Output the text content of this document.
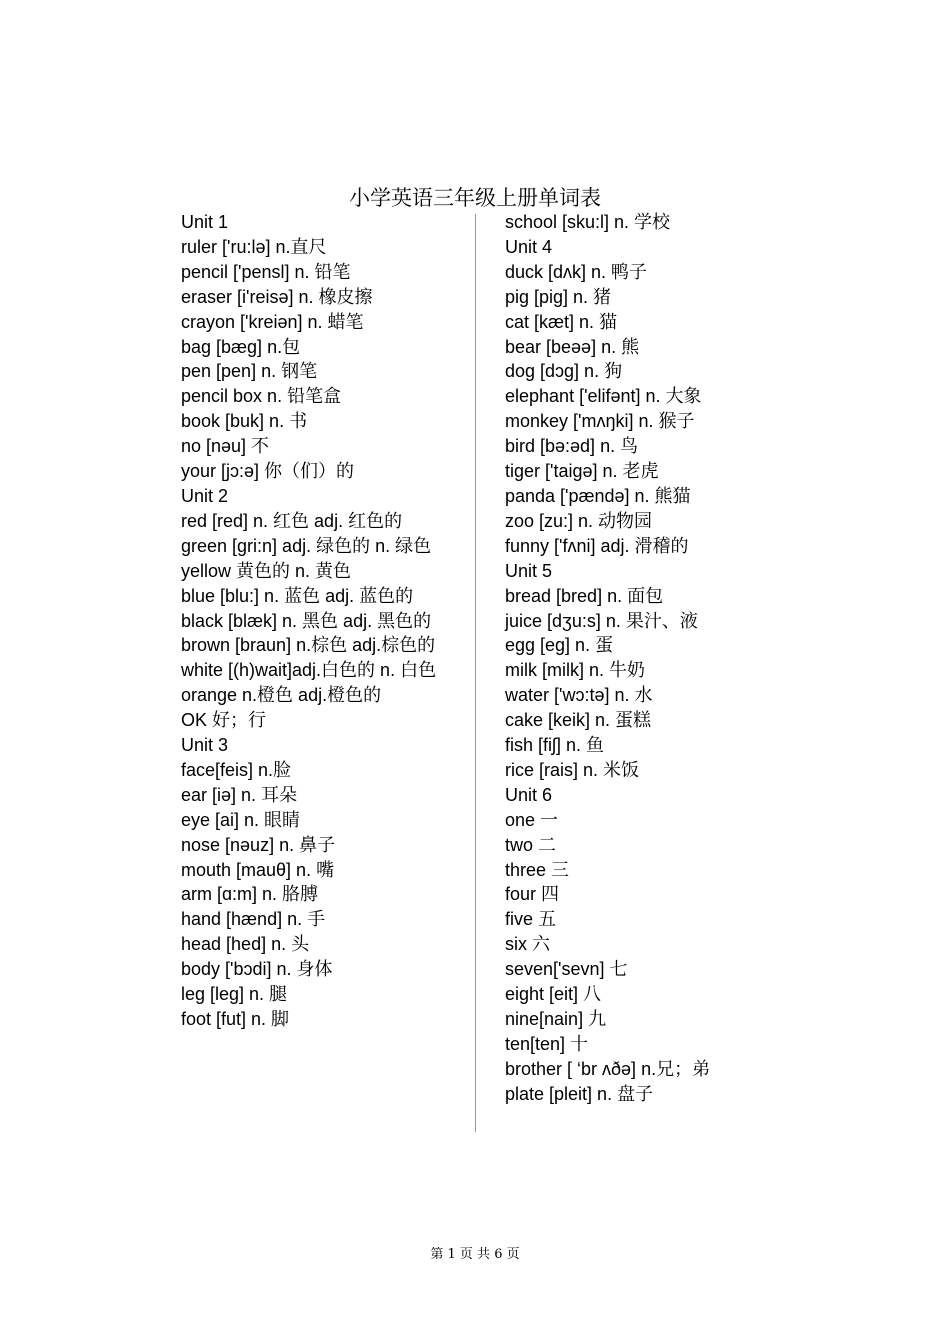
小学英语三年级上册单词表
Unit 1
ruler ['ru:lə] n.直尺
pencil ['pensl] n. 铅笔
eraser [i'reisə] n. 橡皮擦
crayon ['kreiən] n. 蜡笔
bag [bæg] n.包
pen [pen] n. 钢笔
pencil box n. 铅笔盒
book [buk] n. 书
no [nəu] 不
your [jɔ:ə] 你（们）的
Unit 2
red [red] n. 红色 adj. 红色的
green [ɡri:n] adj. 绿色的 n. 绿色
yellow 黄色的 n. 黄色
blue [blu:] n. 蓝色 adj. 蓝色的
black [blæk] n. 黑色 adj. 黑色的
brown [braun] n.棕色 adj.棕色的
white [(h)wait]adj.白色的 n. 白色
orange n.橙色 adj.橙色的
OK 好；行
Unit 3
face[feis] n.脸
ear [iə] n. 耳朵
eye [ai] n. 眼睛
nose [nəuz] n. 鼻子
mouth [mauθ] n. 嘴
arm [ɑ:m] n. 胳膊
hand [hænd] n. 手
head [hed] n. 头
body ['bɔdi] n. 身体
leg [leg] n. 腿
foot [fut] n. 脚
school [sku:l] n. 学校
Unit 4
duck [dʌk] n. 鸭子
pig [piɡ] n. 猪
cat [kæt] n. 猫
bear [beəə] n. 熊
dog [dɔg] n. 狗
elephant ['elifənt] n. 大象
monkey ['mʌŋki] n. 猴子
bird [bə:əd] n. 鸟
tiger ['taigə] n. 老虎
panda ['pændə] n. 熊猫
zoo [zu:] n. 动物园
funny ['fʌni] adj. 滑稽的
Unit 5
bread [bred] n. 面包
juice [dʒu:s] n. 果汁、液
egg [eg] n. 蛋
milk [milk] n. 牛奶
water ['wɔ:tə] n. 水
cake [keik] n. 蛋糕
fish [fiʃ] n. 鱼
rice [rais] n. 米饭
Unit 6
one 一
two 二
three 三
four 四
five 五
six 六
seven['sevn] 七
eight [eit] 八
nine[nain] 九
ten[ten] 十
brother [ ‘br ʌðə] n.兄；弟
plate [pleit] n. 盘子
第 1 页 共 6 页
